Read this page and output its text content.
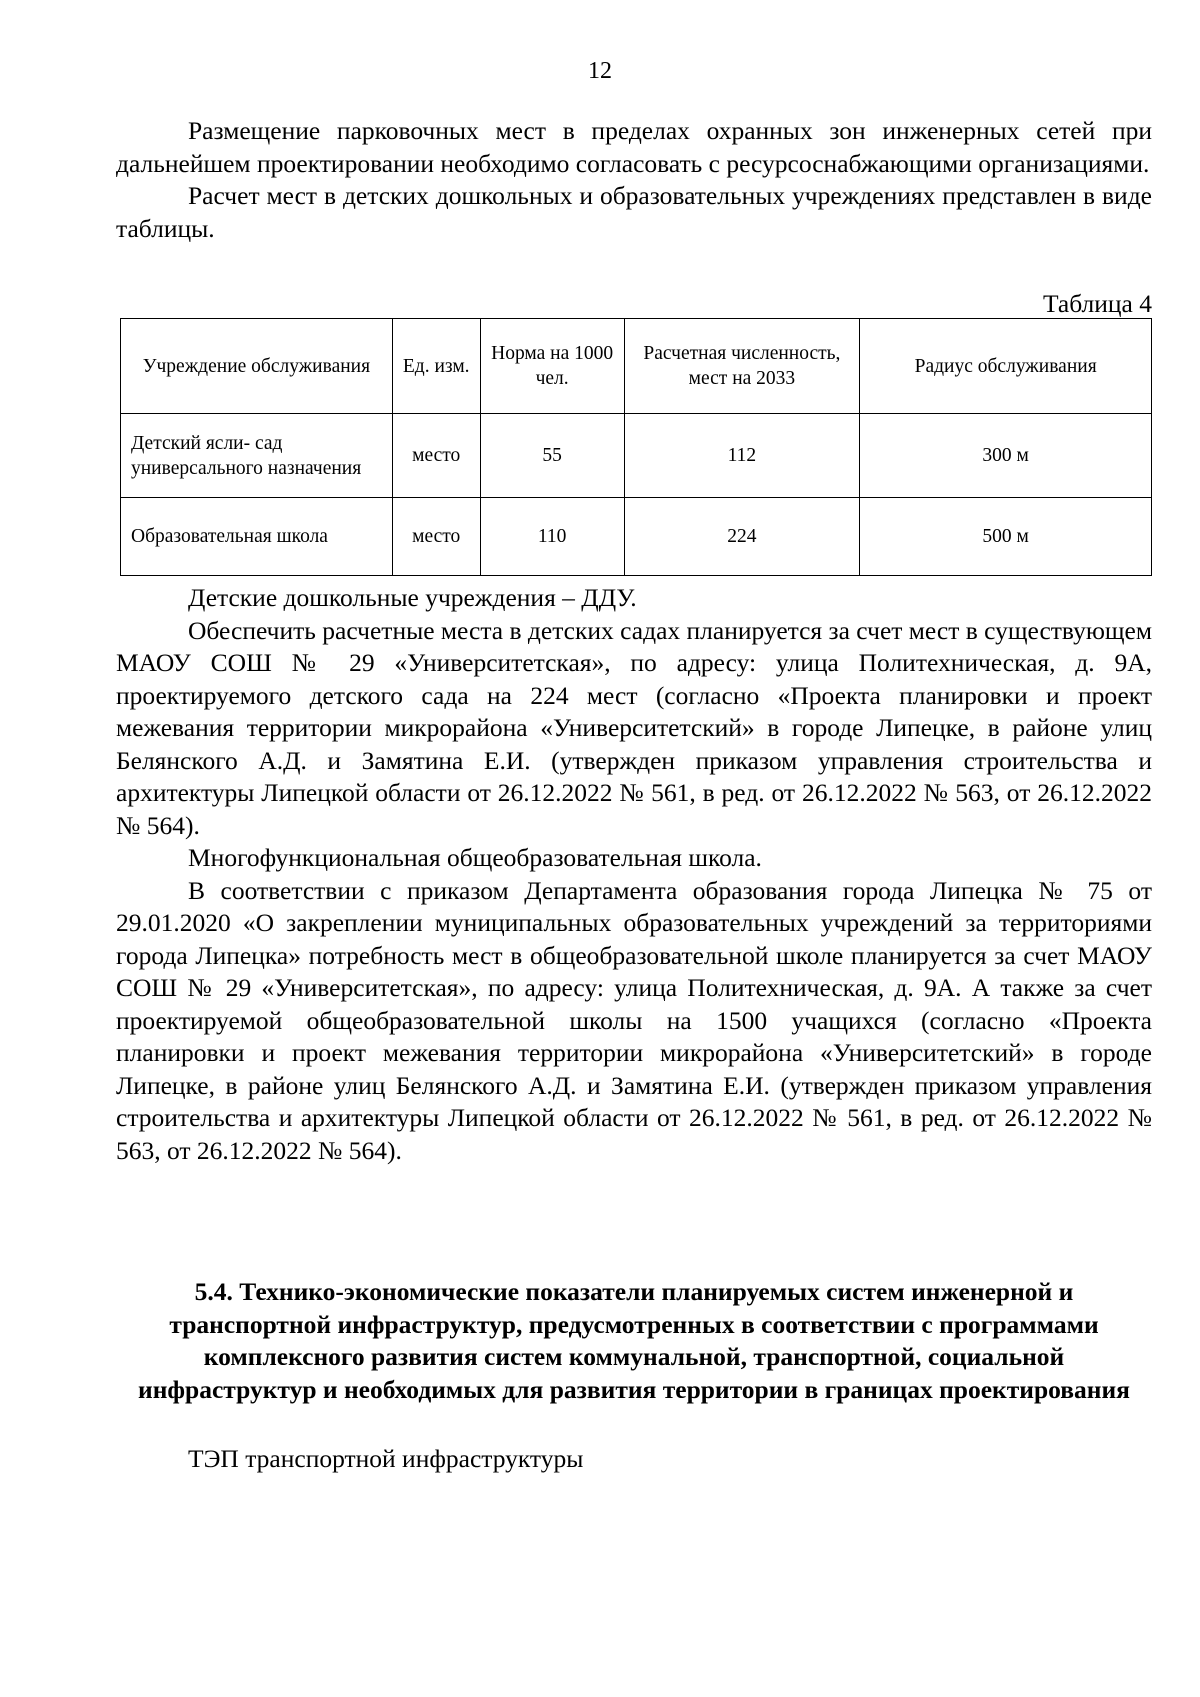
12

Размещение парковочных мест в пределах охранных зон инженерных сетей при дальнейшем проектировании необходимо согласовать с ресурсоснабжающими организациями.

Расчет мест в детских дошкольных и образовательных учреждениях представлен в виде таблицы.

Таблица 4
Учреждение обслуживания	Ед. изм.	Норма на 1000 чел.	Расчетная численность, мест на 2033	Радиус обслуживания
Детский ясли- сад универсального назначения	место	55	112	300 м
Образовательная школа	место	110	224	500 м

Детские дошкольные учреждения – ДДУ.

Обеспечить расчетные места в детских садах планируется за счет мест в существующем МАОУ СОШ № 29 «Университетская», по адресу: улица Политехническая, д. 9А, проектируемого детского сада на 224 мест (согласно «Проекта планировки и проект межевания территории микрорайона «Университетский» в городе Липецке, в районе улиц Белянского А.Д. и Замятина Е.И. (утвержден приказом управления строительства и архитектуры Липецкой области от 26.12.2022 № 561, в ред. от 26.12.2022 № 563, от 26.12.2022 № 564).

Многофункциональная общеобразовательная школа.

В соответствии с приказом Департамента образования города Липецка № 75 от 29.01.2020 «О закреплении муниципальных образовательных учреждений за территориями города Липецка» потребность мест в общеобразовательной школе планируется за счет МАОУ СОШ № 29 «Университетская», по адресу: улица Политехническая, д. 9А. А также за счет проектируемой общеобразовательной школы на 1500 учащихся (согласно «Проекта планировки и проект межевания территории микрорайона «Университетский» в городе Липецке, в районе улиц Белянского А.Д. и Замятина Е.И. (утвержден приказом управления строительства и архитектуры Липецкой области от 26.12.2022 № 561, в ред. от 26.12.2022 № 563, от 26.12.2022 № 564).

5.4. Технико-экономические показатели планируемых систем инженерной и транспортной инфраструктур, предусмотренных в соответствии с программами комплексного развития систем коммунальной, транспортной, социальной инфраструктур и необходимых для развития территории в границах проектирования

ТЭП транспортной инфраструктуры
